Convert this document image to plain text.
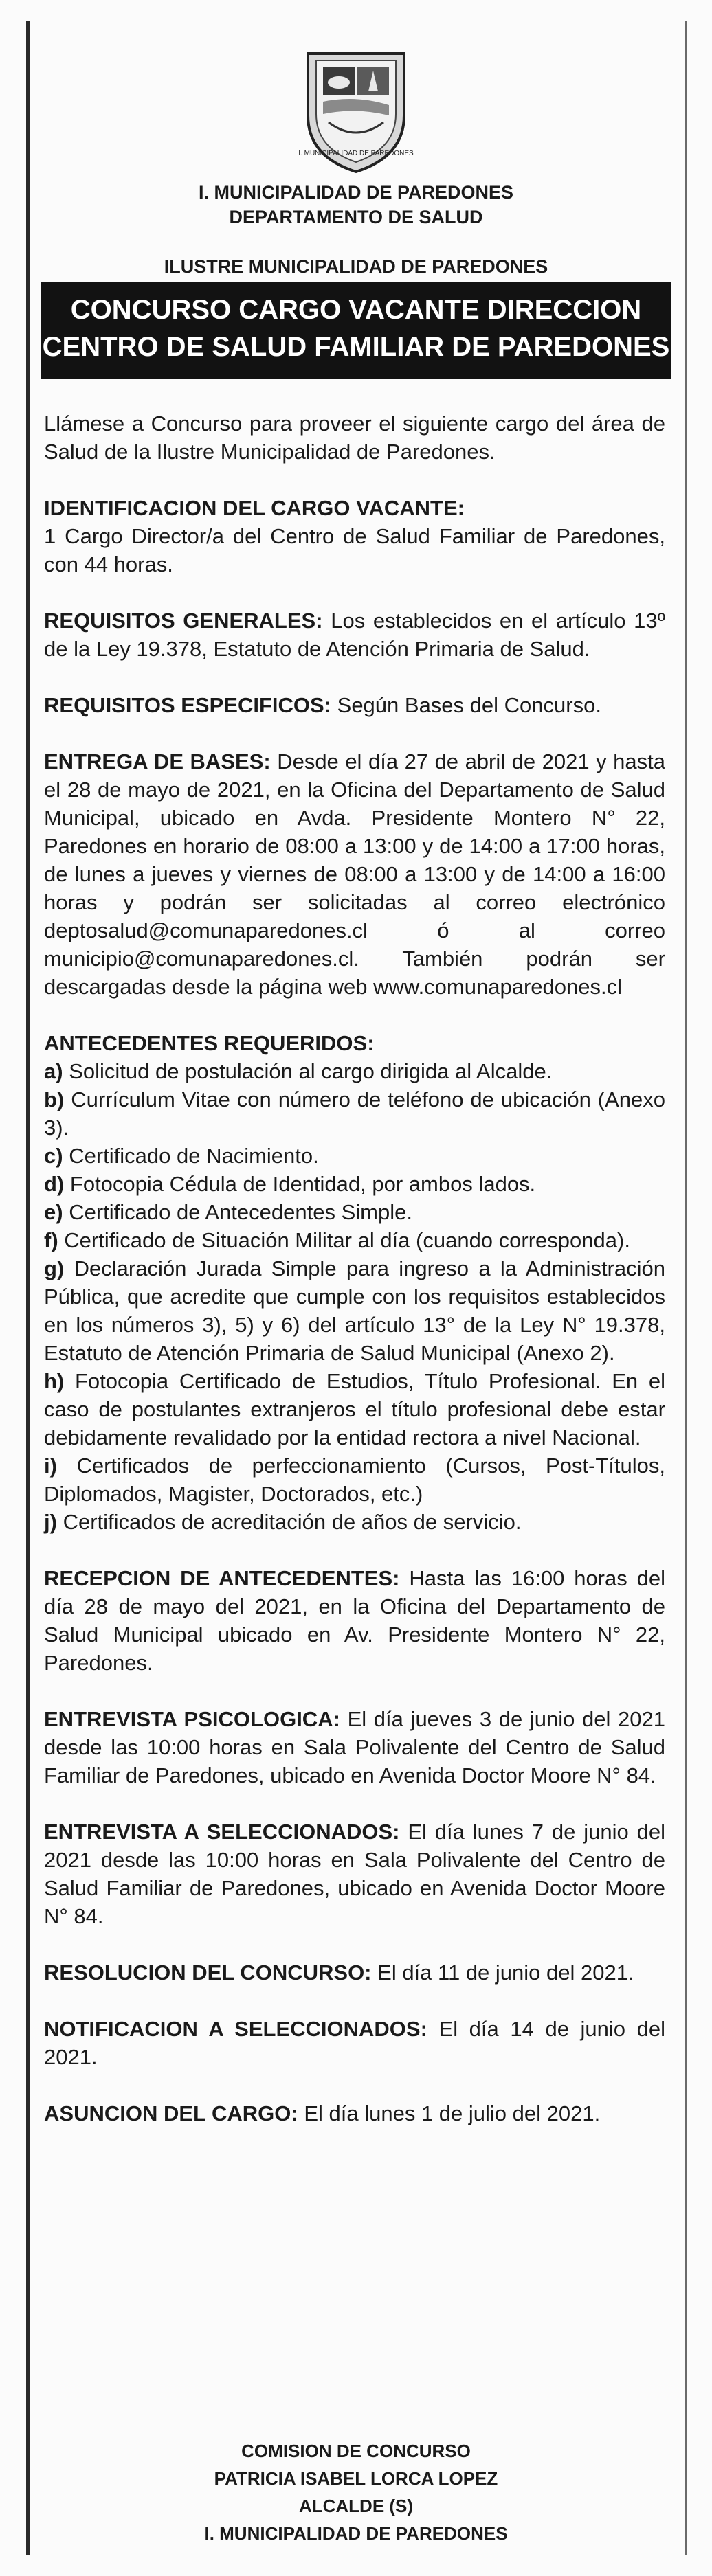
I. MUNICIPALIDAD DE PAREDONES
I. MUNICIPALIDAD DE PAREDONES
DEPARTAMENTO DE SALUD
ILUSTRE MUNICIPALIDAD DE PAREDONES
CONCURSO CARGO VACANTE DIRECCION
CENTRO DE SALUD FAMILIAR DE PAREDONES

Llámese a Concurso para proveer el siguiente cargo del área de Salud de la Ilustre Municipalidad de Paredones.

IDENTIFICACION DEL CARGO VACANTE:
1 Cargo Director/a del Centro de Salud Familiar de Paredones, con 44 horas.

REQUISITOS GENERALES: Los establecidos en el artículo 13º de la Ley 19.378, Estatuto de Atención Primaria de Salud.

REQUISITOS ESPECIFICOS: Según Bases del Concurso.

ENTREGA DE BASES: Desde el día 27 de abril de 2021 y hasta el 28 de mayo de 2021, en la Oficina del Departamento de Salud Municipal, ubicado en Avda. Presidente Montero N° 22, Paredones en horario de 08:00 a 13:00 y de 14:00 a 17:00 horas, de lunes a jueves y viernes de 08:00 a 13:00 y de 14:00 a 16:00 horas y podrán ser solicitadas al correo electrónico deptosalud@comunaparedones.cl ó al correo municipio@comunaparedones.cl. También podrán ser descargadas desde la página web www.comunaparedones.cl

ANTECEDENTES REQUERIDOS:

a) Solicitud de postulación al cargo dirigida al Alcalde.
b) Currículum Vitae con número de teléfono de ubicación (Anexo 3).
c) Certificado de Nacimiento.
d) Fotocopia Cédula de Identidad, por ambos lados.
e) Certificado de Antecedentes Simple.
f) Certificado de Situación Militar al día (cuando corresponda).
g) Declaración Jurada Simple para ingreso a la Administración Pública, que acredite que cumple con los requisitos establecidos en los números 3), 5) y 6) del artículo 13° de la Ley N° 19.378, Estatuto de Atención Primaria de Salud Municipal (Anexo 2).
h) Fotocopia Certificado de Estudios, Título Profesional. En el caso de postulantes extranjeros el título profesional debe estar debidamente revalidado por la entidad rectora a nivel Nacional.
i) Certificados de perfeccionamiento (Cursos, Post-Títulos, Diplomados, Magister, Doctorados, etc.)
j) Certificados de acreditación de años de servicio.

RECEPCION DE ANTECEDENTES: Hasta las 16:00 horas del día 28 de mayo del 2021, en la Oficina del Departamento de Salud Municipal ubicado en Av. Presidente Montero N° 22, Paredones.

ENTREVISTA PSICOLOGICA: El día jueves 3 de junio del 2021 desde las 10:00 horas en Sala Polivalente del Centro de Salud Familiar de Paredones, ubicado en Avenida Doctor Moore N° 84.

ENTREVISTA A SELECCIONADOS: El día lunes 7 de junio del 2021 desde las 10:00 horas en Sala Polivalente del Centro de Salud Familiar de Paredones, ubicado en Avenida Doctor Moore N° 84.

RESOLUCION DEL CONCURSO: El día 11 de junio del 2021.

NOTIFICACION A SELECCIONADOS: El día 14 de junio del 2021.

ASUNCION DEL CARGO: El día lunes 1 de julio del 2021.

COMISION DE CONCURSO
PATRICIA ISABEL LORCA LOPEZ
ALCALDE (S)
I. MUNICIPALIDAD DE PAREDONES
